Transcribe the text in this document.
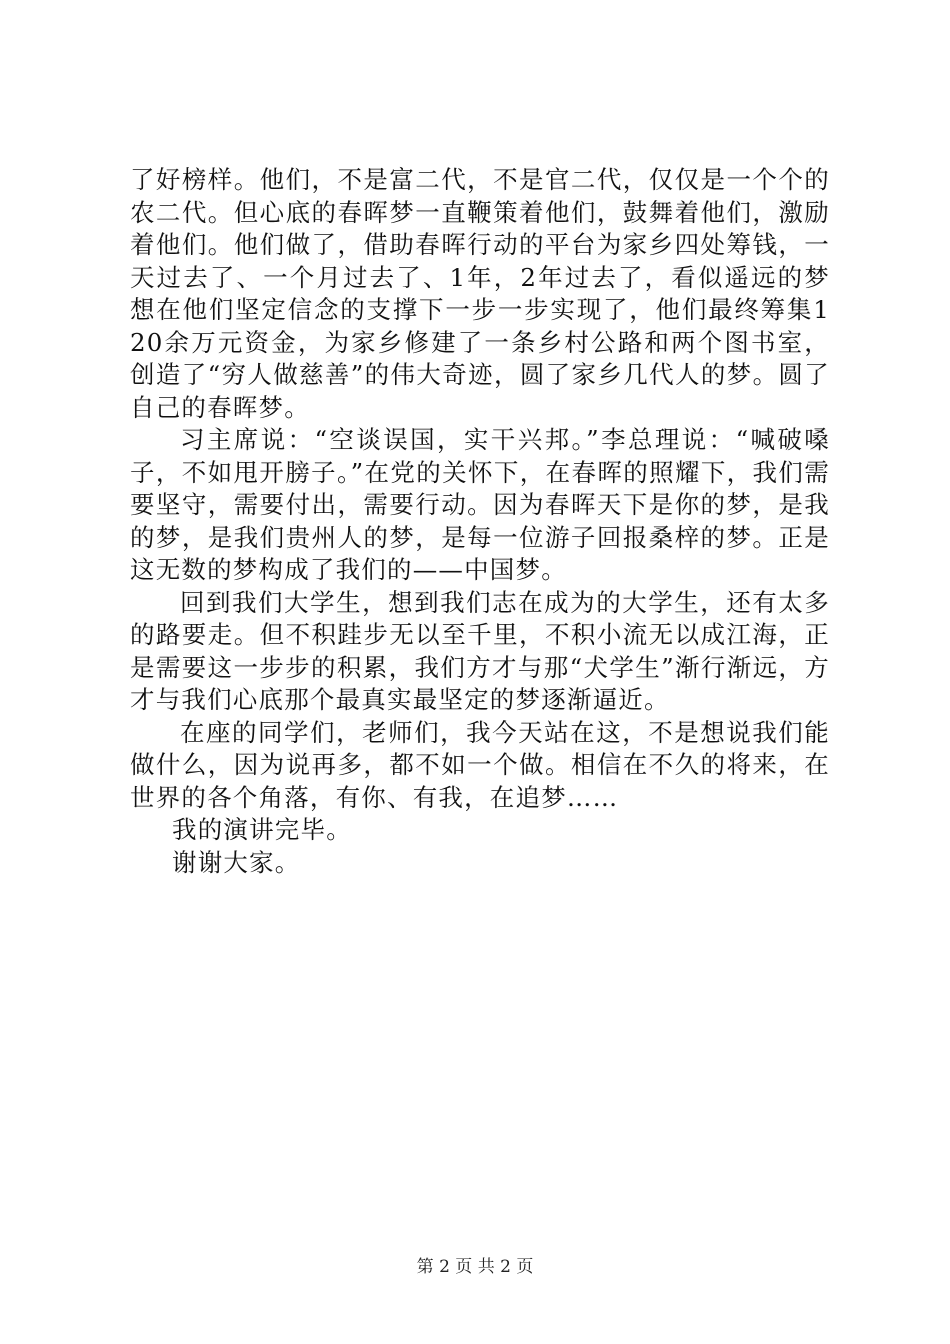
了好榜样。他们，不是富二代，不是官二代，仅仅是一个个的农二代。但心底的春晖梦一直鞭策着他们，鼓舞着他们，激励着他们。他们做了，借助春晖行动的平台为家乡四处筹钱，一天过去了、一个月过去了、1年，2年过去了，看似遥远的梦想在他们坚定信念的支撑下一步一步实现了，他们最终筹集120余万元资金，为家乡修建了一条乡村公路和两个图书室，创造了“穷人做慈善”的伟大奇迹，圆了家乡几代人的梦。圆了自己的春晖梦。

习主席说：“空谈误国，实干兴邦。”李总理说：“喊破嗓子，不如甩开膀子。”在党的关怀下，在春晖的照耀下，我们需要坚守，需要付出，需要行动。因为春晖天下是你的梦，是我的梦，是我们贵州人的梦，是每一位游子回报桑梓的梦。正是这无数的梦构成了我们的——中国梦。

回到我们大学生，想到我们志在成为的大学生，还有太多的路要走。但不积跬步无以至千里，不积小流无以成江海，正是需要这一步步的积累，我们方才与那“犬学生”渐行渐远，方才与我们心底那个最真实最坚定的梦逐渐逼近。

在座的同学们，老师们，我今天站在这，不是想说我们能做什么，因为说再多，都不如一个做。相信在不久的将来，在世界的各个角落，有你、有我，在追梦……

我的演讲完毕。

谢谢大家。

第 2 页 共 2 页
